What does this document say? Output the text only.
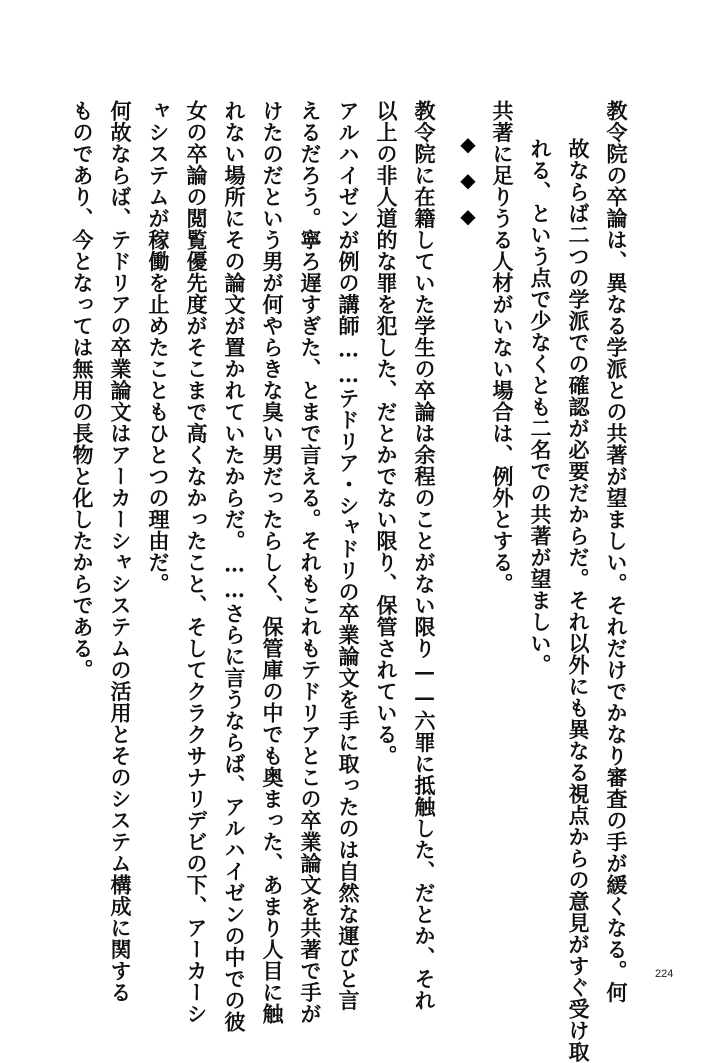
教令院の卒論は、異なる学派との共著が望ましい。それだけでかなり審査の手が緩くなる。何
故ならば二つの学派での確認が必要だからだ。それ以外にも異なる視点からの意見がすぐ受け取
れる、という点で少なくとも二名での共著が望ましい。
共著に足りうる人材がいない場合は、例外とする。
◆◆◆
教令院に在籍していた学生の卒論は余程のことがない限り——六罪に抵触した、だとか、それ
以上の非人道的な罪を犯した、だとかでない限り、保管されている。
アルハイゼンが例の講師……テドリア・シャドリの卒業論文を手に取ったのは自然な運びと言
えるだろう。寧ろ遅すぎた、とまで言える。それもこれもテドリアとこの卒業論文を共著で手が
けたのだという男が何やらきな臭い男だったらしく、保管庫の中でも奥まった、あまり人目に触
れない場所にその論文が置かれていたからだ。……さらに言うならば、アルハイゼンの中での彼
女の卒論の閲覧優先度がそこまで高くなかったこと、そしてクラクサナリデビの下、アーカーシ
ャシステムが稼働を止めたこともひとつの理由だ。
何故ならば、テドリアの卒業論文はアーカーシャシステムの活用とそのシステム構成に関する
ものであり、今となっては無用の長物と化したからである。
224
